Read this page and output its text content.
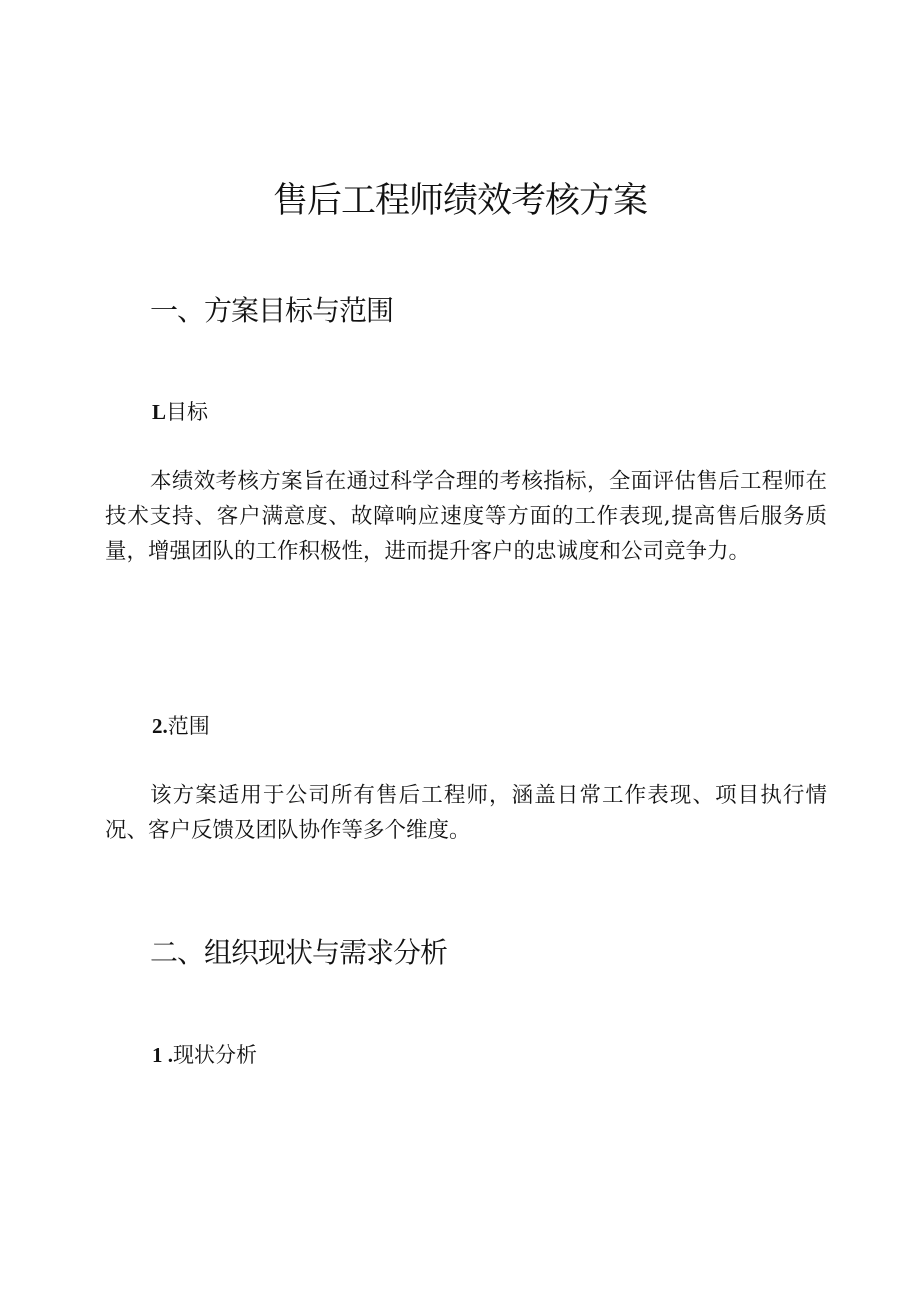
售后工程师绩效考核方案
一、方案目标与范围
L目标

本绩效考核方案旨在通过科学合理的考核指标，全面评估售后工程师在技术支持、客户满意度、故障响应速度等方面的工作表现,提高售后服务质量，增强团队的工作积极性，进而提升客户的忠诚度和公司竞争力。

2.范围

该方案适用于公司所有售后工程师，涵盖日常工作表现、项目执行情况、客户反馈及团队协作等多个维度。

二、组织现状与需求分析
1 .现状分析
